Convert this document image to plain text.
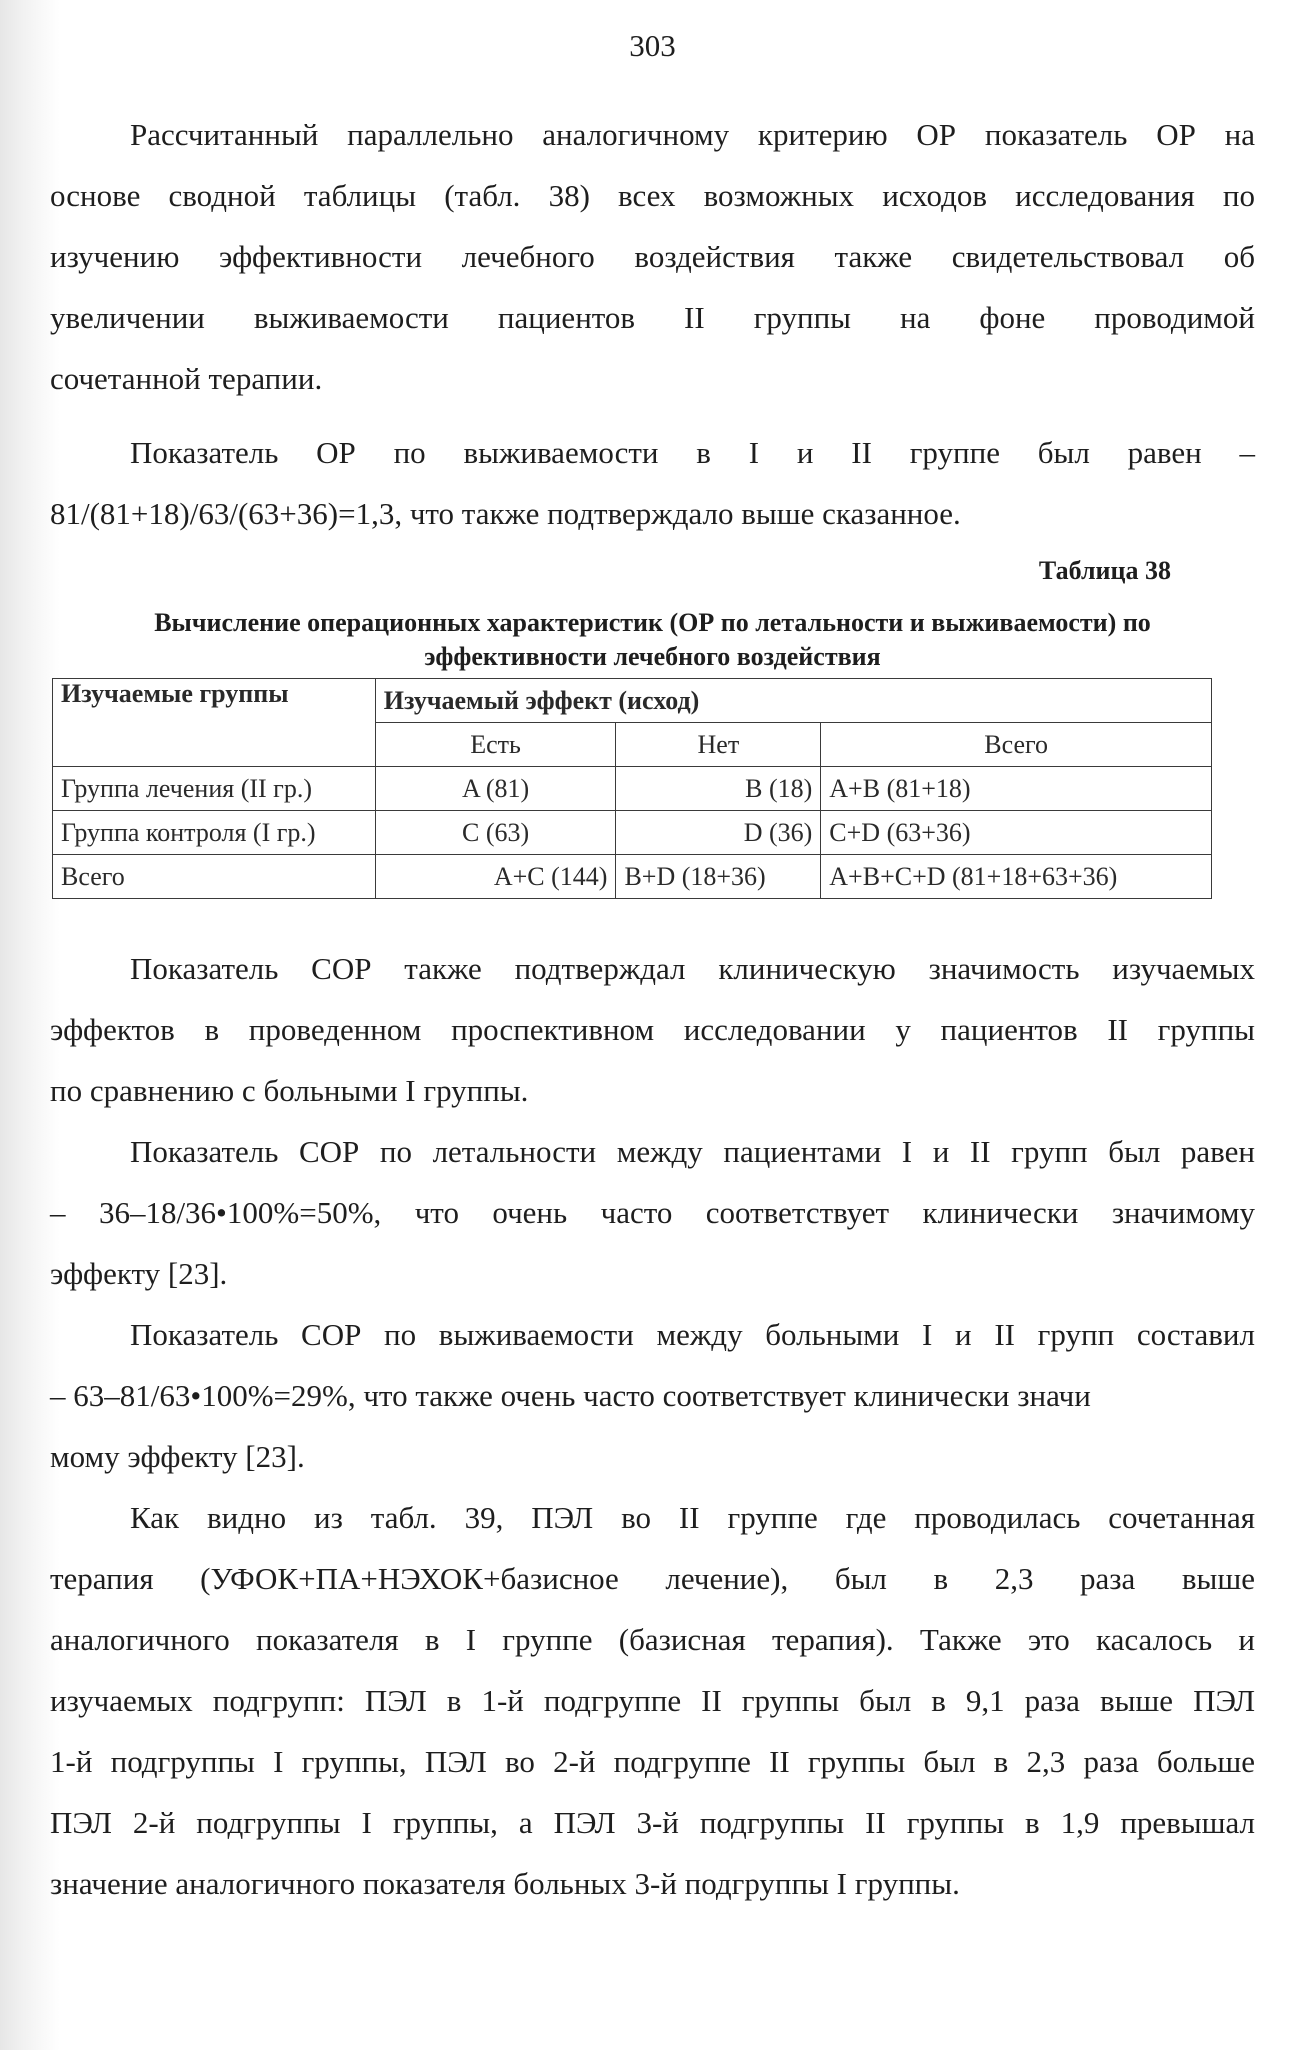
303
Рассчитанный параллельно аналогичному критерию ОР показатель ОР на
основе сводной таблицы (табл. 38) всех возможных исходов исследования по
изучению эффективности лечебного воздействия также свидетельствовал об
увеличении выживаемости пациентов II группы на фоне проводимой
сочетанной терапии.
Показатель ОР по выживаемости в I и II группе был равен –
81/(81+18)/63/(63+36)=1,3, что также подтверждало выше сказанное.
Таблица 38
Вычисление операционных характеристик (ОР по летальности и выживаемости) по
эффективности лечебного воздействия
Изучаемые группы	Изучаемый эффект (исход)		
	Есть	Нет	Всего
Группа лечения (II гр.)	A (81)	B (18)	A+B (81+18)
Группа контроля (I гр.)	C (63)	D (36)	C+D (63+36)
Всего	A+C (144)	B+D (18+36)	A+B+C+D (81+18+63+36)
Показатель СОР также подтверждал клиническую значимость изучаемых
эффектов в проведенном проспективном исследовании у пациентов II группы
по сравнению с больными I группы.
Показатель СОР по летальности между пациентами I и II групп был равен
– 36–18/36•100%=50%, что очень часто соответствует клинически значимому
эффекту [23].
Показатель СОР по выживаемости между больными I и II групп составил
– 63–81/63•100%=29%, что также очень часто соответствует клинически значи
мому эффекту [23].
Как видно из табл. 39, ПЭЛ во II группе где проводилась сочетанная
терапия (УФОК+ПА+НЭХОК+базисное лечение), был в 2,3 раза выше
аналогичного показателя в I группе (базисная терапия). Также это касалось и
изучаемых подгрупп: ПЭЛ в 1-й подгруппе II группы был в 9,1 раза выше ПЭЛ
1-й подгруппы I группы, ПЭЛ во 2-й подгруппе II группы был в 2,3 раза больше
ПЭЛ 2-й подгруппы I группы, а ПЭЛ 3-й подгруппы II группы в 1,9 превышал
значение аналогичного показателя больных 3-й подгруппы I группы.
